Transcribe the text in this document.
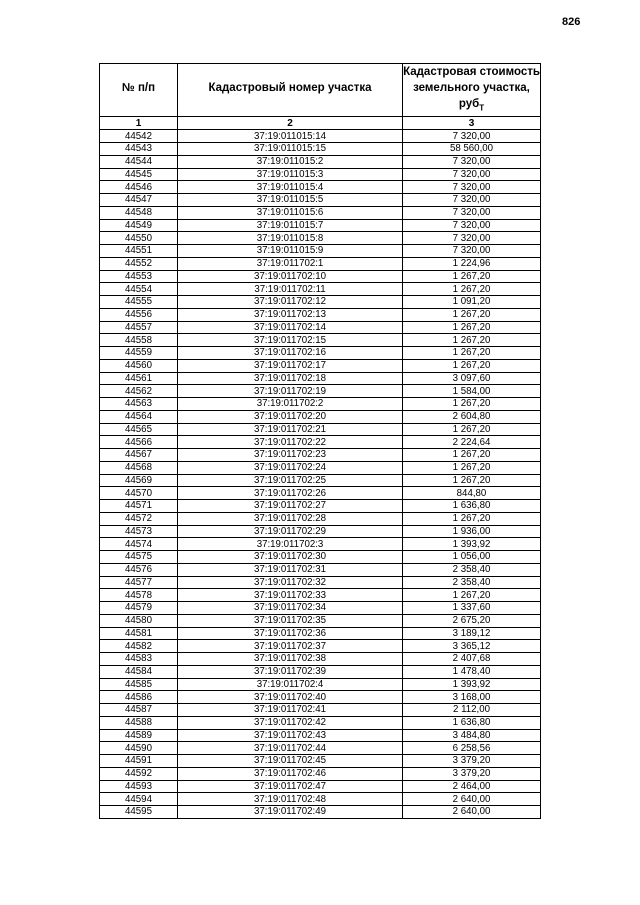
826
№ п/п	Кадастровый номер участка	Кадастровая стоимость
земельного участка, руб$_Т$
1	2	3
44542	37:19:011015:14	7 320,00
44543	37:19:011015:15	58 560,00
44544	37:19:011015:2	7 320,00
44545	37:19:011015:3	7 320,00
44546	37:19:011015:4	7 320,00
44547	37:19:011015:5	7 320,00
44548	37:19:011015:6	7 320,00
44549	37:19:011015:7	7 320,00
44550	37:19:011015:8	7 320,00
44551	37:19:011015:9	7 320,00
44552	37:19:011702:1	1 224,96
44553	37:19:011702:10	1 267,20
44554	37:19:011702:11	1 267,20
44555	37:19:011702:12	1 091,20
44556	37:19:011702:13	1 267,20
44557	37:19:011702:14	1 267,20
44558	37:19:011702:15	1 267,20
44559	37:19:011702:16	1 267,20
44560	37:19:011702:17	1 267,20
44561	37:19:011702:18	3 097,60
44562	37:19:011702:19	1 584,00
44563	37:19:011702:2	1 267,20
44564	37:19:011702:20	2 604,80
44565	37:19:011702:21	1 267,20
44566	37:19:011702:22	2 224,64
44567	37:19:011702:23	1 267,20
44568	37:19:011702:24	1 267,20
44569	37:19:011702:25	1 267,20
44570	37:19:011702:26	844,80
44571	37:19:011702:27	1 636,80
44572	37:19:011702:28	1 267,20
44573	37:19:011702:29	1 936,00
44574	37:19:011702:3	1 393,92
44575	37:19:011702:30	1 056,00
44576	37:19:011702:31	2 358,40
44577	37:19:011702:32	2 358,40
44578	37:19:011702:33	1 267,20
44579	37:19:011702:34	1 337,60
44580	37:19:011702:35	2 675,20
44581	37:19:011702:36	3 189,12
44582	37:19:011702:37	3 365,12
44583	37:19:011702:38	2 407,68
44584	37:19:011702:39	1 478,40
44585	37:19:011702:4	1 393,92
44586	37:19:011702:40	3 168,00
44587	37:19:011702:41	2 112,00
44588	37:19:011702:42	1 636,80
44589	37:19:011702:43	3 484,80
44590	37:19:011702:44	6 258,56
44591	37:19:011702:45	3 379,20
44592	37:19:011702:46	3 379,20
44593	37:19:011702:47	2 464,00
44594	37:19:011702:48	2 640,00
44595	37:19:011702:49	2 640,00
